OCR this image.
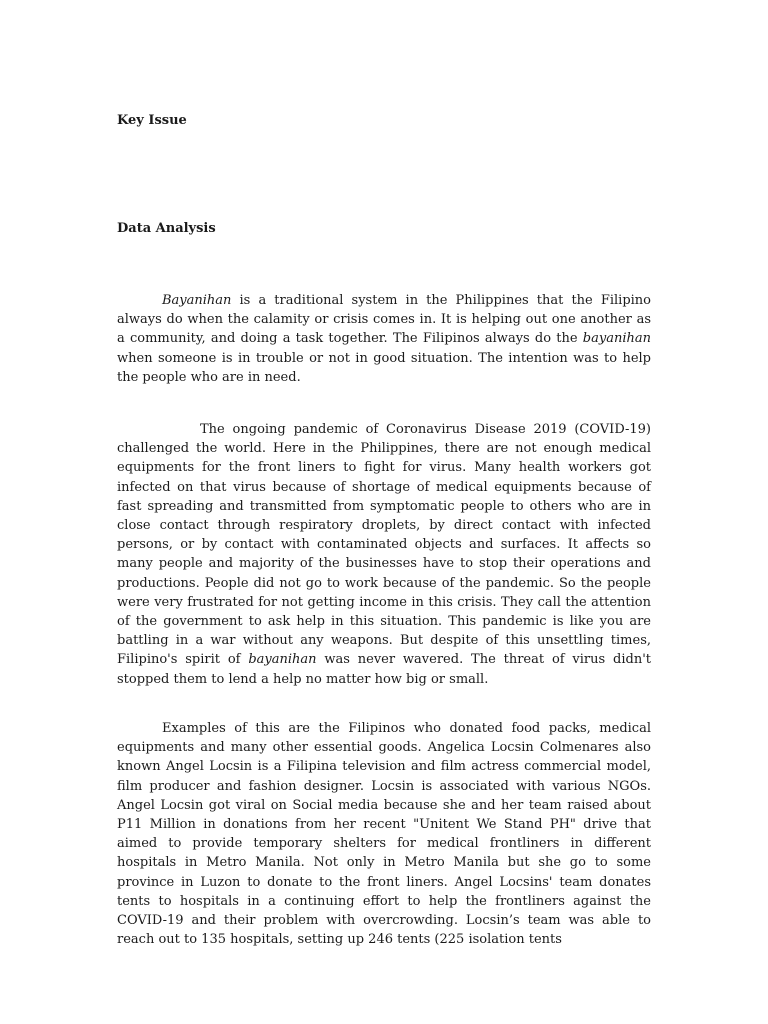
Key Issue
Data Analysis

Bayanihan is a traditional system in the Philippines that the Filipino always do when the calamity or crisis comes in. It is helping out one another as a community, and doing a task together. The Filipinos always do the bayanihan when someone is in trouble or not in good situation. The intention was to help the people who are in need.

The ongoing pandemic of Coronavirus Disease 2019 (COVID-19) challenged the world. Here in the Philippines, there are not enough medical equipments for the front liners to fight for virus. Many health workers got infected on that virus because of shortage of medical equipments because of fast spreading and transmitted from symptomatic people to others who are in close contact through respiratory droplets, by direct contact with infected persons, or by contact with contaminated objects and surfaces. It affects so many people and majority of the businesses have to stop their operations and productions. People did not go to work because of the pandemic. So the people were very frustrated for not getting income in this crisis. They call the attention of the government to ask help in this situation. This pandemic is like you are battling in a war without any weapons. But despite of this unsettling times, Filipino's spirit of bayanihan was never wavered. The threat of virus didn't stopped them to lend a help no matter how big or small.

Examples of this are the Filipinos who donated food packs, medical equipments and many other essential goods. Angelica Locsin Colmenares also known Angel Locsin is a Filipina television and film actress commercial model, film producer and fashion designer. Locsin is associated with various NGOs. Angel Locsin got viral on Social media because she and her team raised about P11 Million in donations from her recent "Unitent We Stand PH" drive that aimed to provide temporary shelters for medical frontliners in different hospitals in Metro Manila. Not only in Metro Manila but she go to some province in Luzon to donate to the front liners. Angel Locsins' team donates tents to hospitals in a continuing effort to help the frontliners against the COVID-19 and their problem with overcrowding. Locsin’s team was able to reach out to 135 hospitals, setting up 246 tents (225 isolation tents
